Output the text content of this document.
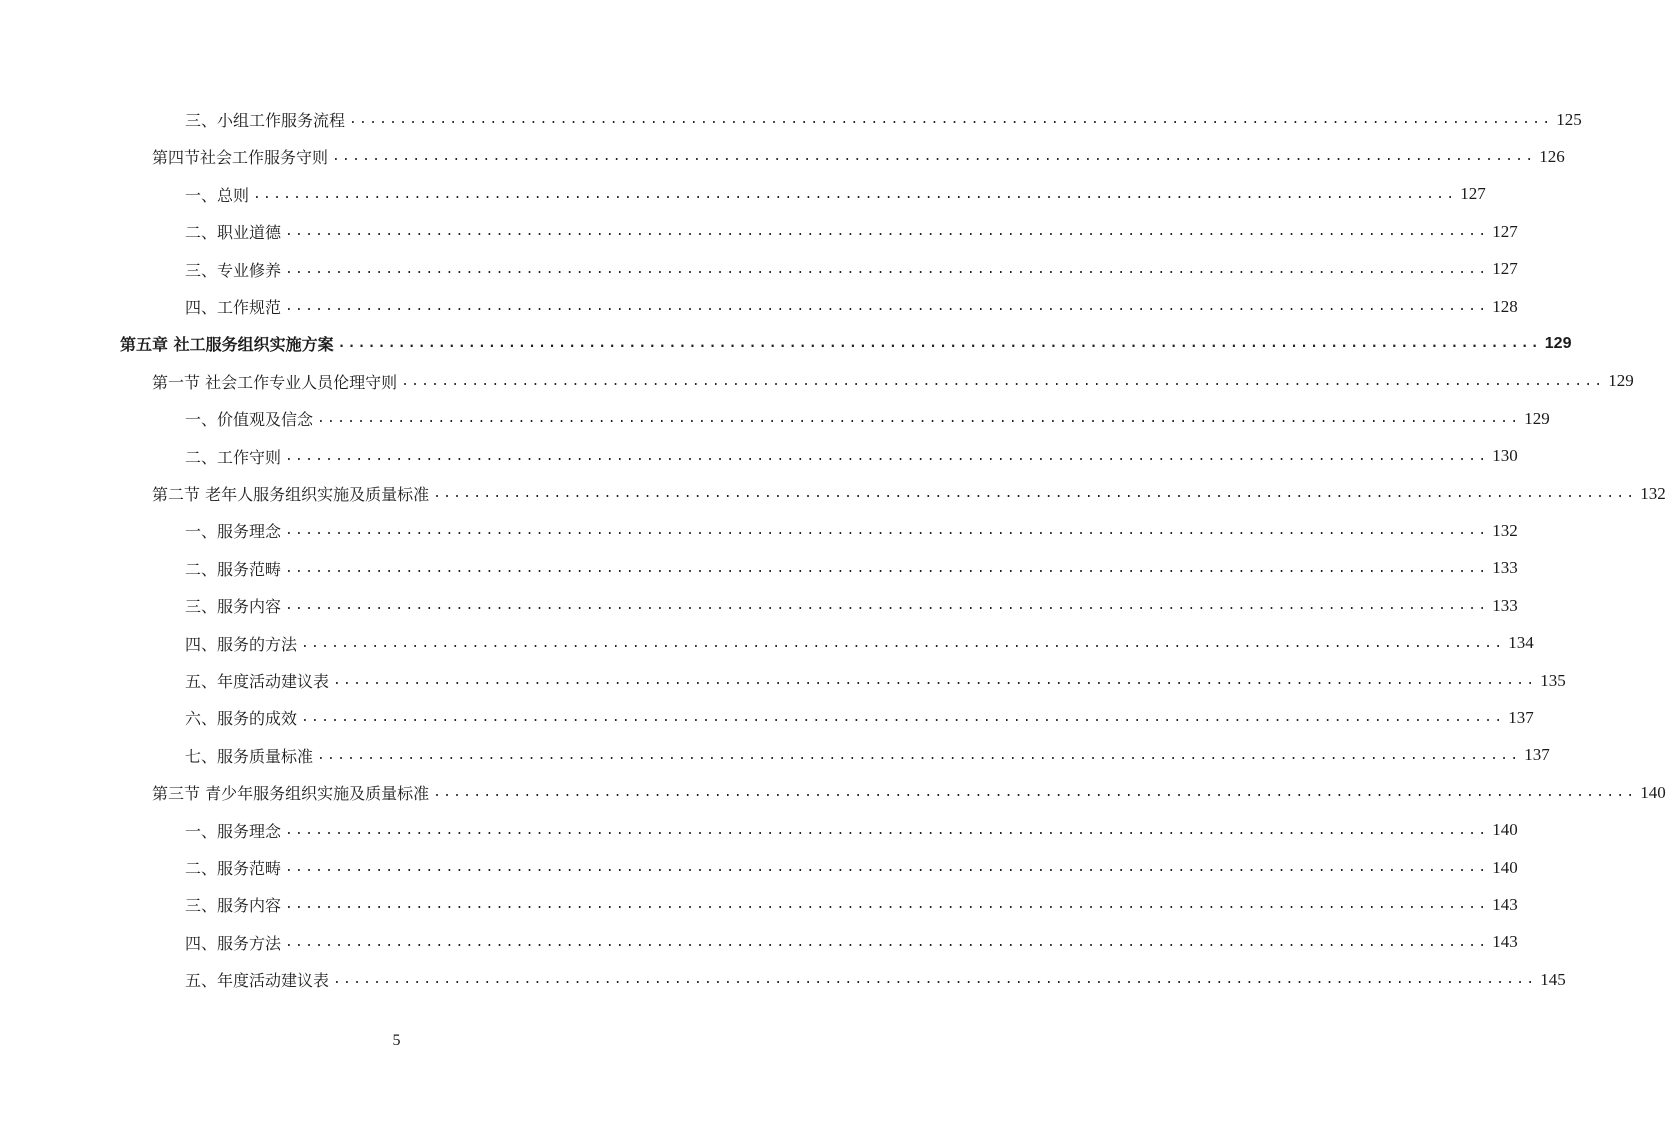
三、小组工作服务流程 ........................................................................................................................ 125
第四节社会工作服务守则 ........................................................................................................................ 126
一、总则 ........................................................................................................................ 127
二、职业道德 ........................................................................................................................ 127
三、专业修养 ........................................................................................................................ 127
四、工作规范 ........................................................................................................................ 128
第五章 社工服务组织实施方案 ........................................................................................................................ 129
第一节 社会工作专业人员伦理守则 ........................................................................................................................ 129
一、价值观及信念 ........................................................................................................................ 129
二、工作守则 ........................................................................................................................ 130
第二节 老年人服务组织实施及质量标准 ........................................................................................................................ 132
一、服务理念 ........................................................................................................................ 132
二、服务范畴 ........................................................................................................................ 133
三、服务内容 ........................................................................................................................ 133
四、服务的方法 ........................................................................................................................ 134
五、年度活动建议表 ........................................................................................................................ 135
六、服务的成效 ........................................................................................................................ 137
七、服务质量标准 ........................................................................................................................ 137
第三节 青少年服务组织实施及质量标准 ........................................................................................................................ 140
一、服务理念 ........................................................................................................................ 140
二、服务范畴 ........................................................................................................................ 140
三、服务内容 ........................................................................................................................ 143
四、服务方法 ........................................................................................................................ 143
五、年度活动建议表 ........................................................................................................................ 145
5
